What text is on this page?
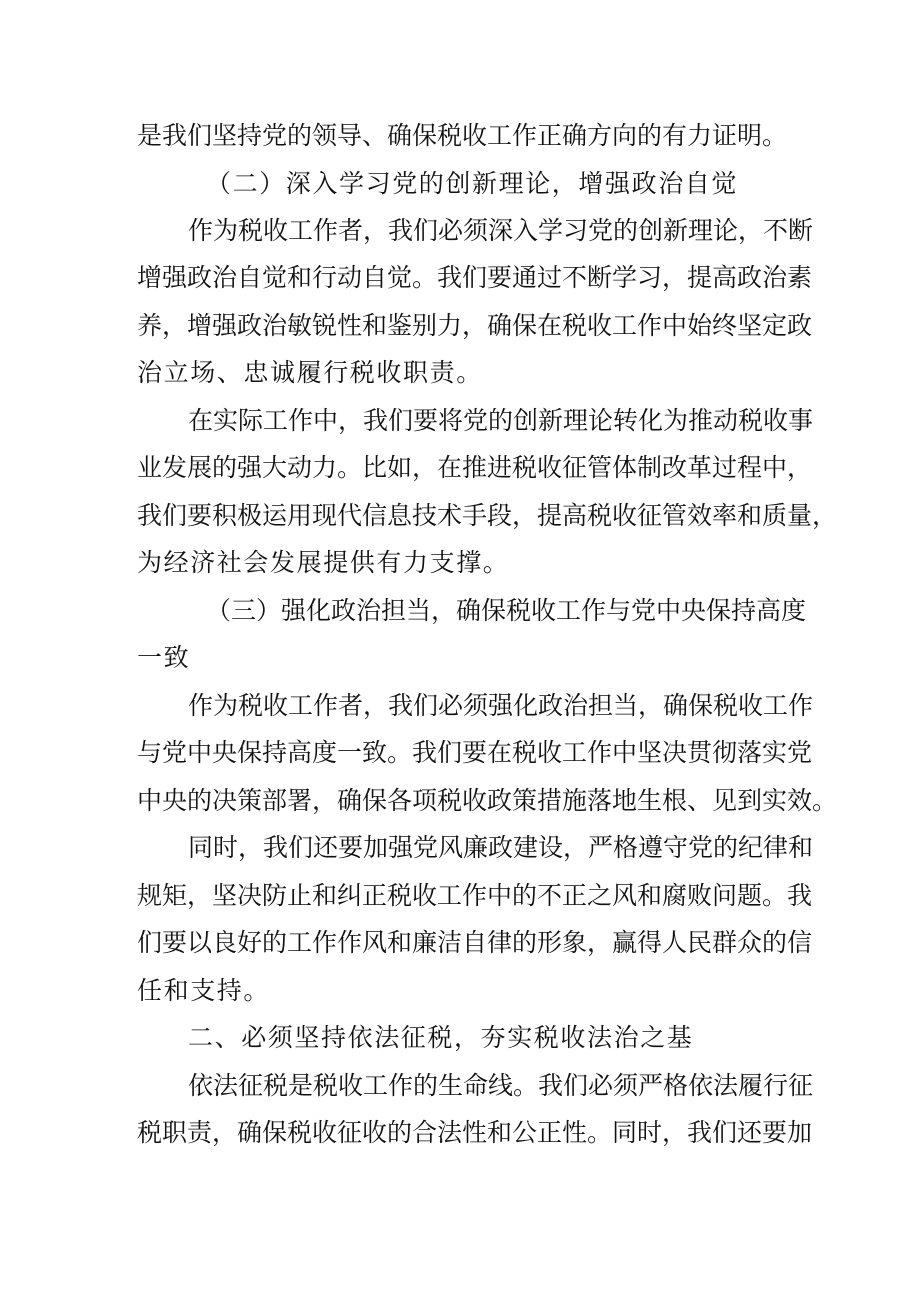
是我们坚持党的领导、确保税收工作正确方向的有力证明。

（二）深入学习党的创新理论，增强政治自觉

作为税收工作者，我们必须深入学习党的创新理论，不断

增强政治自觉和行动自觉。我们要通过不断学习，提高政治素

养，增强政治敏锐性和鉴别力，确保在税收工作中始终坚定政

治立场、忠诚履行税收职责。

在实际工作中，我们要将党的创新理论转化为推动税收事

业发展的强大动力。比如，在推进税收征管体制改革过程中，

我们要积极运用现代信息技术手段，提高税收征管效率和质量，

为经济社会发展提供有力支撑。

（三）强化政治担当，确保税收工作与党中央保持高度

一致

作为税收工作者，我们必须强化政治担当，确保税收工作

与党中央保持高度一致。我们要在税收工作中坚决贯彻落实党

中央的决策部署，确保各项税收政策措施落地生根、见到实效。

同时，我们还要加强党风廉政建设，严格遵守党的纪律和

规矩，坚决防止和纠正税收工作中的不正之风和腐败问题。我

们要以良好的工作作风和廉洁自律的形象，赢得人民群众的信

任和支持。

二、必须坚持依法征税，夯实税收法治之基

依法征税是税收工作的生命线。我们必须严格依法履行征

税职责，确保税收征收的合法性和公正性。同时，我们还要加
